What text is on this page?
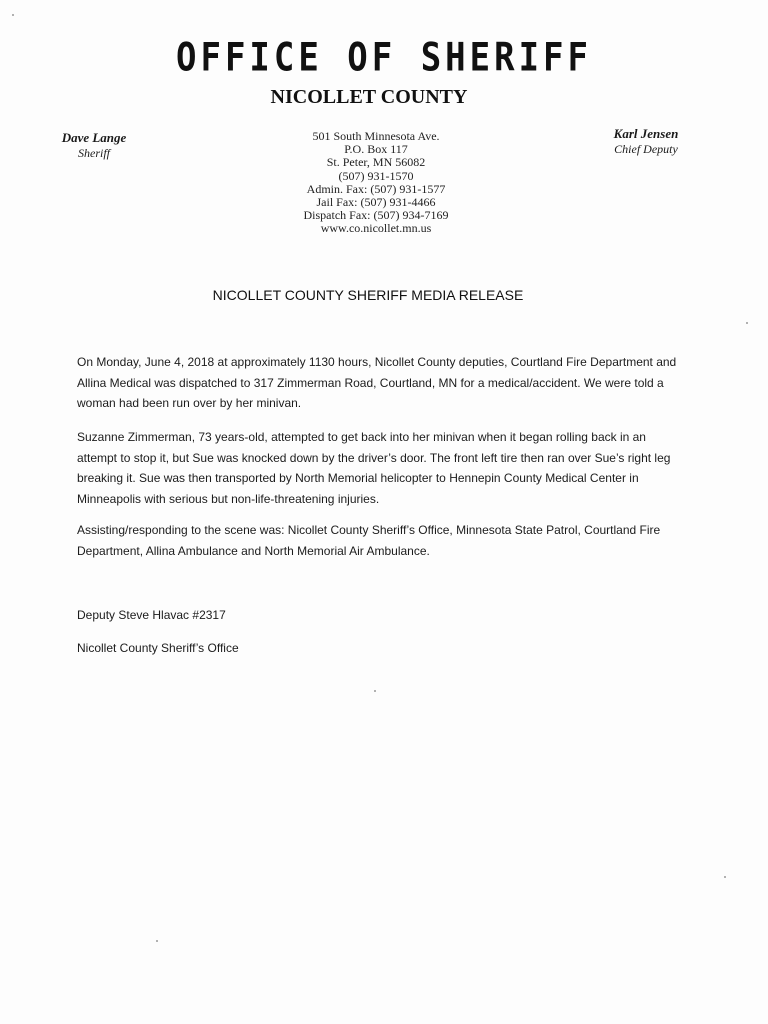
OFFICE OF SHERIFF
NICOLLET COUNTY
Dave Lange
Sheriff
Karl Jensen
Chief Deputy
501 South Minnesota Ave.
P.O. Box 117
St. Peter, MN 56082
(507) 931-1570
Admin. Fax: (507) 931-1577
Jail Fax: (507) 931-4466
Dispatch Fax: (507) 934-7169
www.co.nicollet.mn.us
NICOLLET COUNTY SHERIFF MEDIA RELEASE

On Monday, June 4, 2018 at approximately 1130 hours, Nicollet County deputies, Courtland Fire Department and Allina Medical was dispatched to 317 Zimmerman Road, Courtland, MN for a medical/accident. We were told a woman had been run over by her minivan.

Suzanne Zimmerman, 73 years-old, attempted to get back into her minivan when it began rolling back in an attempt to stop it, but Sue was knocked down by the driver’s door. The front left tire then ran over Sue’s right leg breaking it. Sue was then transported by North Memorial helicopter to Hennepin County Medical Center in Minneapolis with serious but non-life-threatening injuries.

Assisting/responding to the scene was: Nicollet County Sheriff’s Office, Minnesota State Patrol, Courtland Fire Department, Allina Ambulance and North Memorial Air Ambulance.

Deputy Steve Hlavac #2317

Nicollet County Sheriff’s Office
